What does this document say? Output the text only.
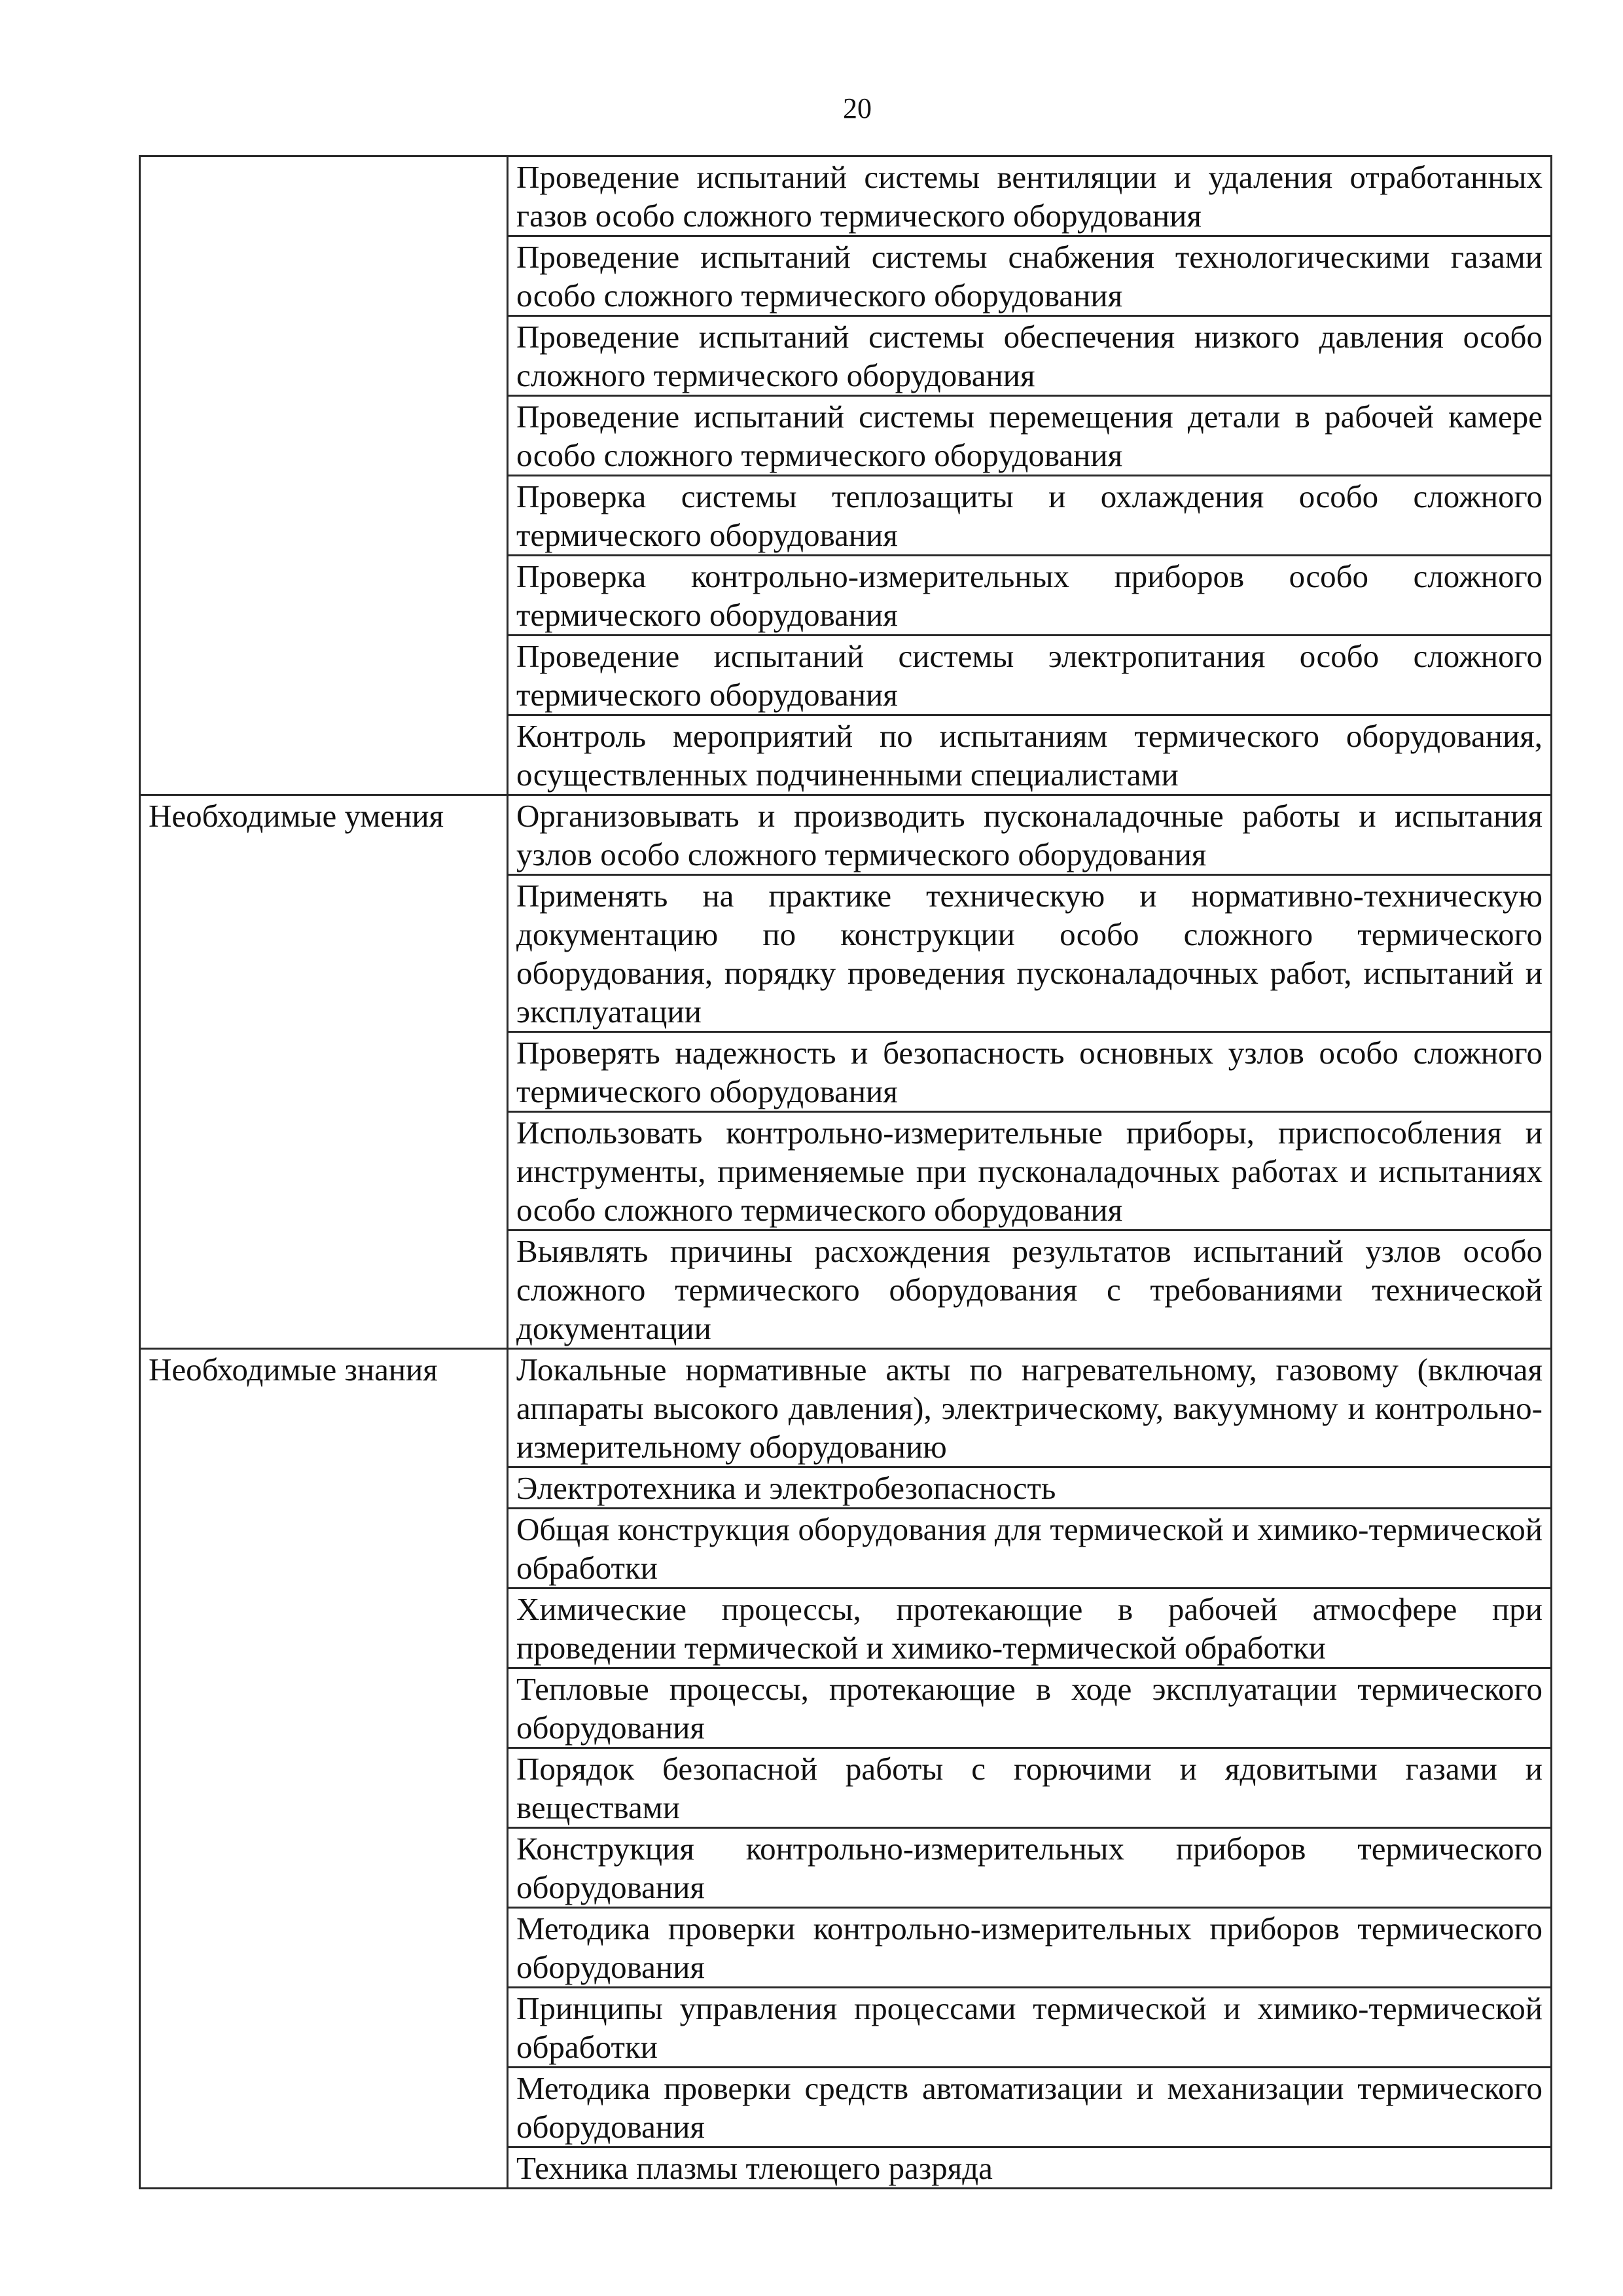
20
	Проведение испытаний системы вентиляции и удаления отработанных газов особо сложного термического оборудования
	Проведение испытаний системы снабжения технологическими газами особо сложного термического оборудования
	Проведение испытаний системы обеспечения низкого давления особо сложного термического оборудования
	Проведение испытаний системы перемещения детали в рабочей камере особо сложного термического оборудования
	Проверка системы теплозащиты и охлаждения особо сложного термического оборудования
	Проверка контрольно-измерительных приборов особо сложного термического оборудования
	Проведение испытаний системы электропитания особо сложного термического оборудования
	Контроль мероприятий по испытаниям термического оборудования, осуществленных подчиненными специалистами
Необходимые умения	Организовывать и производить пусконаладочные работы и испытания узлов особо сложного термического оборудования
	Применять на практике техническую и нормативно-техническую документацию по конструкции особо сложного термического оборудования, порядку проведения пусконаладочных работ, испытаний и эксплуатации
	Проверять надежность и безопасность основных узлов особо сложного термического оборудования
	Использовать контрольно-измерительные приборы, приспособления и инструменты, применяемые при пусконаладочных работах и испытаниях особо сложного термического оборудования
	Выявлять причины расхождения результатов испытаний узлов особо сложного термического оборудования с требованиями технической документации
Необходимые знания	Локальные нормативные акты по нагревательному, газовому (включая аппараты высокого давления), электрическому, вакуумному и контрольно-измерительному оборудованию
	Электротехника и электробезопасность
	Общая конструкция оборудования для термической и химико-термической обработки
	Химические процессы, протекающие в рабочей атмосфере при проведении термической и химико-термической обработки
	Тепловые процессы, протекающие в ходе эксплуатации термического оборудования
	Порядок безопасной работы с горючими и ядовитыми газами и веществами
	Конструкция контрольно-измерительных приборов термического оборудования
	Методика проверки контрольно-измерительных приборов термического оборудования
	Принципы управления процессами термической и химико-термической обработки
	Методика проверки средств автоматизации и механизации термического оборудования
	Техника плазмы тлеющего разряда
